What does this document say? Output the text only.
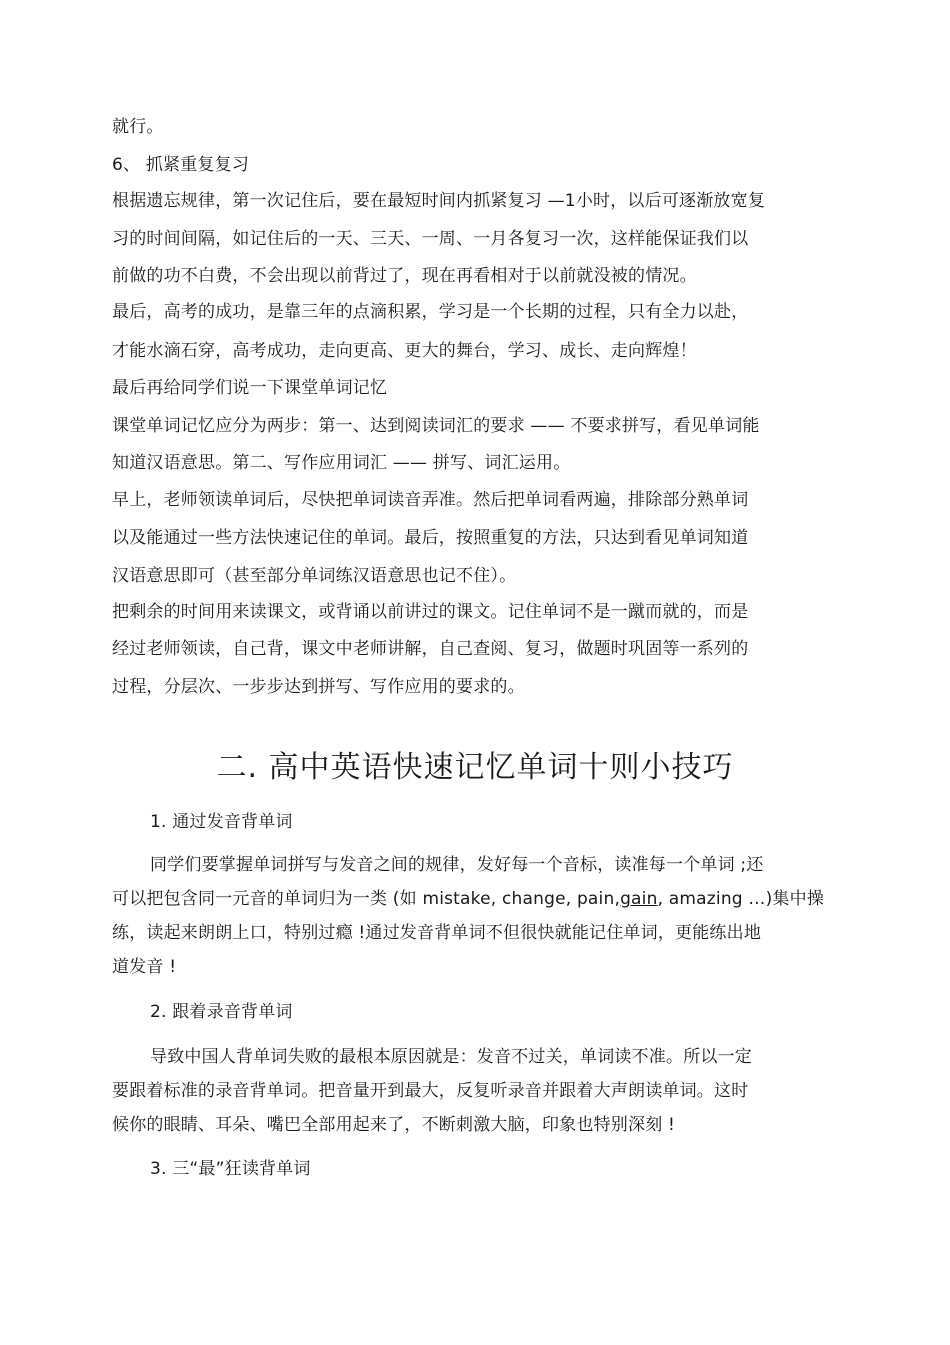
就行。
6、 抓紧重复复习
根据遗忘规律，第一次记住后，要在最短时间内抓紧复习 —1小时，以后可逐渐放宽复
习的时间间隔，如记住后的一天、三天、一周、一月各复习一次，这样能保证我们以
前做的功不白费，不会出现以前背过了，现在再看相对于以前就没被的情况。
最后，高考的成功，是靠三年的点滴积累，学习是一个长期的过程，只有全力以赴，
才能水滴石穿，高考成功，走向更高、更大的舞台，学习、成长、走向辉煌！
最后再给同学们说一下课堂单词记忆
课堂单词记忆应分为两步：第一、达到阅读词汇的要求 —— 不要求拼写，看见单词能
知道汉语意思。第二、写作应用词汇 —— 拼写、词汇运用。
早上，老师领读单词后，尽快把单词读音弄准。然后把单词看两遍，排除部分熟单词
以及能通过一些方法快速记住的单词。最后，按照重复的方法，只达到看见单词知道
汉语意思即可（甚至部分单词练汉语意思也记不住）。
把剩余的时间用来读课文，或背诵以前讲过的课文。记住单词不是一蹴而就的，而是
经过老师领读，自己背，课文中老师讲解，自己查阅、复习，做题时巩固等一系列的
过程，分层次、一步步达到拼写、写作应用的要求的。
二. 高中英语快速记忆单词十则小技巧
1. 通过发音背单词
同学们要掌握单词拼写与发音之间的规律，发好每一个音标，读准每一个单词 ;还
可以把包含同一元音的单词归为一类 (如 mistake, change, pain,gain, amazing …)集中操
练，读起来朗朗上口，特别过瘾 !通过发音背单词不但很快就能记住单词，更能练出地
道发音 !
2. 跟着录音背单词
导致中国人背单词失败的最根本原因就是：发音不过关，单词读不准。所以一定
要跟着标准的录音背单词。把音量开到最大，反复听录音并跟着大声朗读单词。这时
候你的眼睛、耳朵、嘴巴全部用起来了，不断刺激大脑，印象也特别深刻 !
3. 三“最”狂读背单词
